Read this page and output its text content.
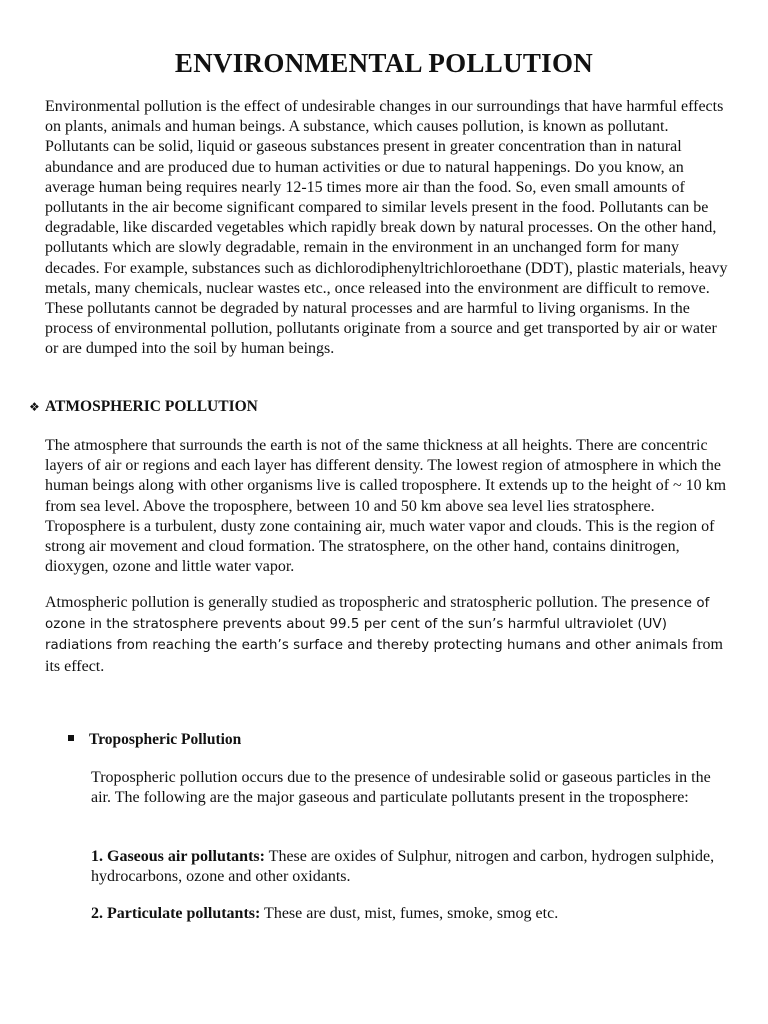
ENVIRONMENTAL POLLUTION

Environmental pollution is the effect of undesirable changes in our surroundings that have harmful effects on plants, animals and human beings. A substance, which causes pollution, is known as pollutant. Pollutants can be solid, liquid or gaseous substances present in greater concentration than in natural abundance and are produced due to human activities or due to natural happenings. Do you know, an average human being requires nearly 12-15 times more air than the food. So, even small amounts of pollutants in the air become significant compared to similar levels present in the food. Pollutants can be degradable, like discarded vegetables which rapidly break down by natural processes. On the other hand, pollutants which are slowly degradable, remain in the environment in an unchanged form for many decades. For example, substances such as dichlorodiphenyltrichloroethane (DDT), plastic materials, heavy metals, many chemicals, nuclear wastes etc., once released into the environment are difficult to remove. These pollutants cannot be degraded by natural processes and are harmful to living organisms. In the process of environmental pollution, pollutants originate from a source and get transported by air or water or are dumped into the soil by human beings.

❖ ATMOSPHERIC POLLUTION

The atmosphere that surrounds the earth is not of the same thickness at all heights. There are concentric layers of air or regions and each layer has different density. The lowest region of atmosphere in which the human beings along with other organisms live is called troposphere. It extends up to the height of ~ 10 km from sea level. Above the troposphere, between 10 and 50 km above sea level lies stratosphere. Troposphere is a turbulent, dusty zone containing air, much water vapor and clouds. This is the region of strong air movement and cloud formation. The stratosphere, on the other hand, contains dinitrogen, dioxygen, ozone and little water vapor.

Atmospheric pollution is generally studied as tropospheric and stratospheric pollution. The presence of ozone in the stratosphere prevents about 99.5 per cent of the sun’s harmful ultraviolet (UV) radiations from reaching the earth’s surface and thereby protecting humans and other animals from its effect.

Tropospheric Pollution

Tropospheric pollution occurs due to the presence of undesirable solid or gaseous particles in the air. The following are the major gaseous and particulate pollutants present in the troposphere:

1. Gaseous air pollutants: These are oxides of Sulphur, nitrogen and carbon, hydrogen sulphide, hydrocarbons, ozone and other oxidants.

2. Particulate pollutants: These are dust, mist, fumes, smoke, smog etc.
